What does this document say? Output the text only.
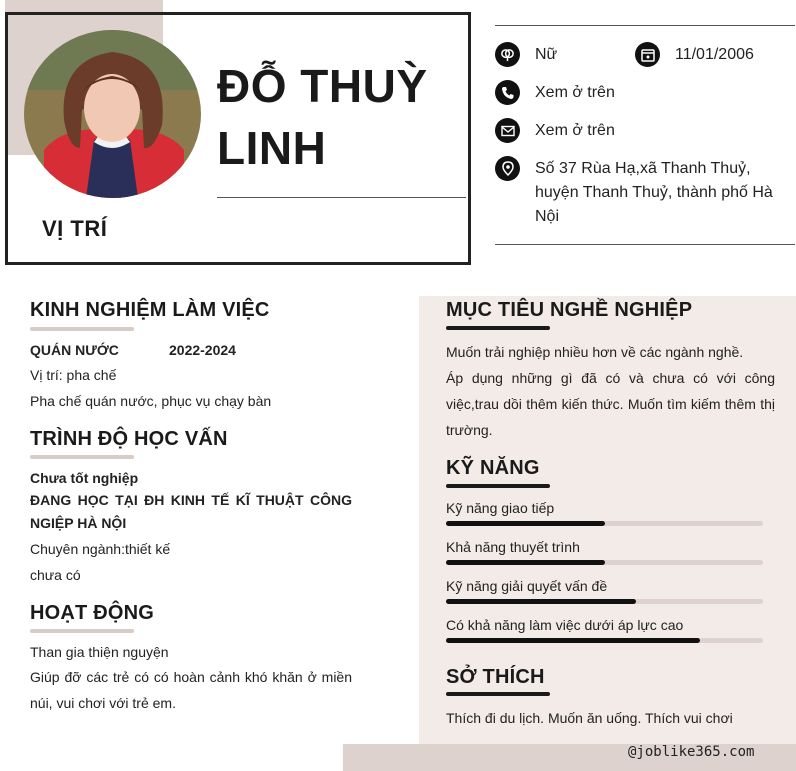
ĐỖ THUỲ LINH
VỊ TRÍ
Nữ	11/01/2006
Xem ở trên
Xem ở trên
Số 37 Rùa Hạ,xã Thanh Thuỷ, huyện Thanh Thuỷ, thành phố Hà Nội
@joblike365.com
KINH NGHIỆM LÀM VIỆC
QUÁN NƯỚC	2022-2024
Vị trí: pha chế
Pha chế quán nước, phục vụ chạy bàn
TRÌNH ĐỘ HỌC VẤN
Chưa tốt nghiệp
ĐANG HỌC TẠI ĐH KINH TẾ KĨ THUẬT CÔNG NGIỆP HÀ NỘI
Chuyên ngành:thiết kế
chưa có
HOẠT ĐỘNG
Than gia thiện nguyện
Giúp đỡ các trẻ có có hoàn cảnh khó khăn ở miền núi, vui chơi với trẻ em.
MỤC TIÊU NGHỀ NGHIỆP
Muốn trải nghiệp nhiều hơn về các ngành nghề.
Áp dụng những gì đã có và chưa có với công việc,trau dồi thêm kiến thức. Muốn tìm kiếm thêm thị trường.
KỸ NĂNG
Kỹ năng giao tiếp
Khả năng thuyết trình
Kỹ năng giải quyết vấn đề
Có khả năng làm việc dưới áp lực cao
SỞ THÍCH
Thích đi du lịch. Muốn ăn uống. Thích vui chơi
